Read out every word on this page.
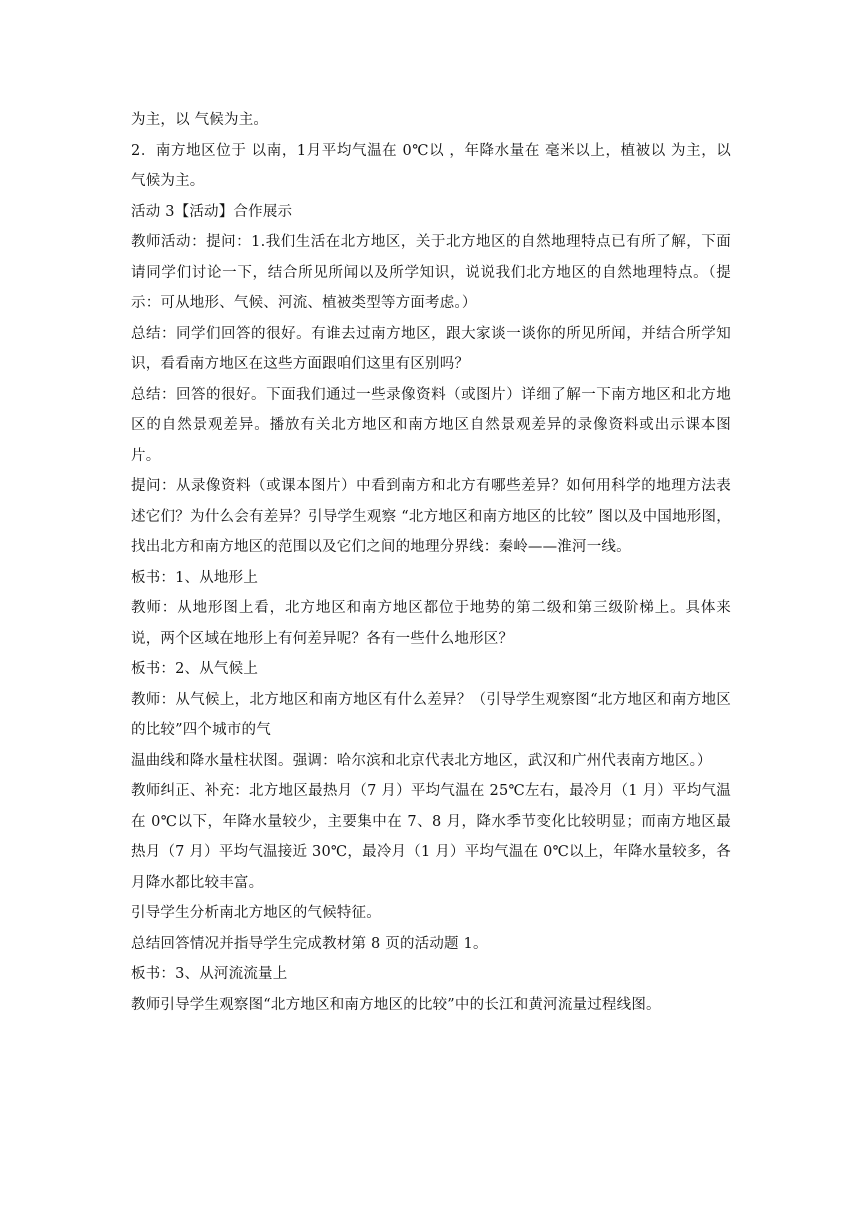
为主，以 气候为主。

2．南方地区位于 以南，1月平均气温在 0℃以 ，年降水量在 毫米以上，植被以 为主，以 气候为主。

活动 3【活动】合作展示

教师活动：提问：1.我们生活在北方地区，关于北方地区的自然地理特点已有所了解，下面请同学们讨论一下，结合所见所闻以及所学知识，说说我们北方地区的自然地理特点。（提示：可从地形、气候、河流、植被类型等方面考虑。）

总结：同学们回答的很好。有谁去过南方地区，跟大家谈一谈你的所见所闻，并结合所学知识，看看南方地区在这些方面跟咱们这里有区别吗？

总结：回答的很好。下面我们通过一些录像资料（或图片）详细了解一下南方地区和北方地区的自然景观差异。播放有关北方地区和南方地区自然景观差异的录像资料或出示课本图片。

提问：从录像资料（或课本图片）中看到南方和北方有哪些差异？如何用科学的地理方法表述它们？为什么会有差异？引导学生观察 “北方地区和南方地区的比较” 图以及中国地形图，找出北方和南方地区的范围以及它们之间的地理分界线：秦岭——淮河一线。

板书：1、从地形上

教师：从地形图上看，北方地区和南方地区都位于地势的第二级和第三级阶梯上。具体来说，两个区域在地形上有何差异呢？各有一些什么地形区？

板书：2、从气候上

教师：从气候上，北方地区和南方地区有什么差异？（引导学生观察图“北方地区和南方地区的比较”四个城市的气

温曲线和降水量柱状图。强调：哈尔滨和北京代表北方地区，武汉和广州代表南方地区。）

教师纠正、补充：北方地区最热月（7 月）平均气温在 25℃左右，最冷月（1 月）平均气温在 0℃以下，年降水量较少，主要集中在 7、8 月，降水季节变化比较明显；而南方地区最热月（7 月）平均气温接近 30℃，最冷月（1 月）平均气温在 0℃以上，年降水量较多，各月降水都比较丰富。

引导学生分析南北方地区的气候特征。

总结回答情况并指导学生完成教材第 8 页的活动题 1。

板书：3、从河流流量上

教师引导学生观察图“北方地区和南方地区的比较”中的长江和黄河流量过程线图。
